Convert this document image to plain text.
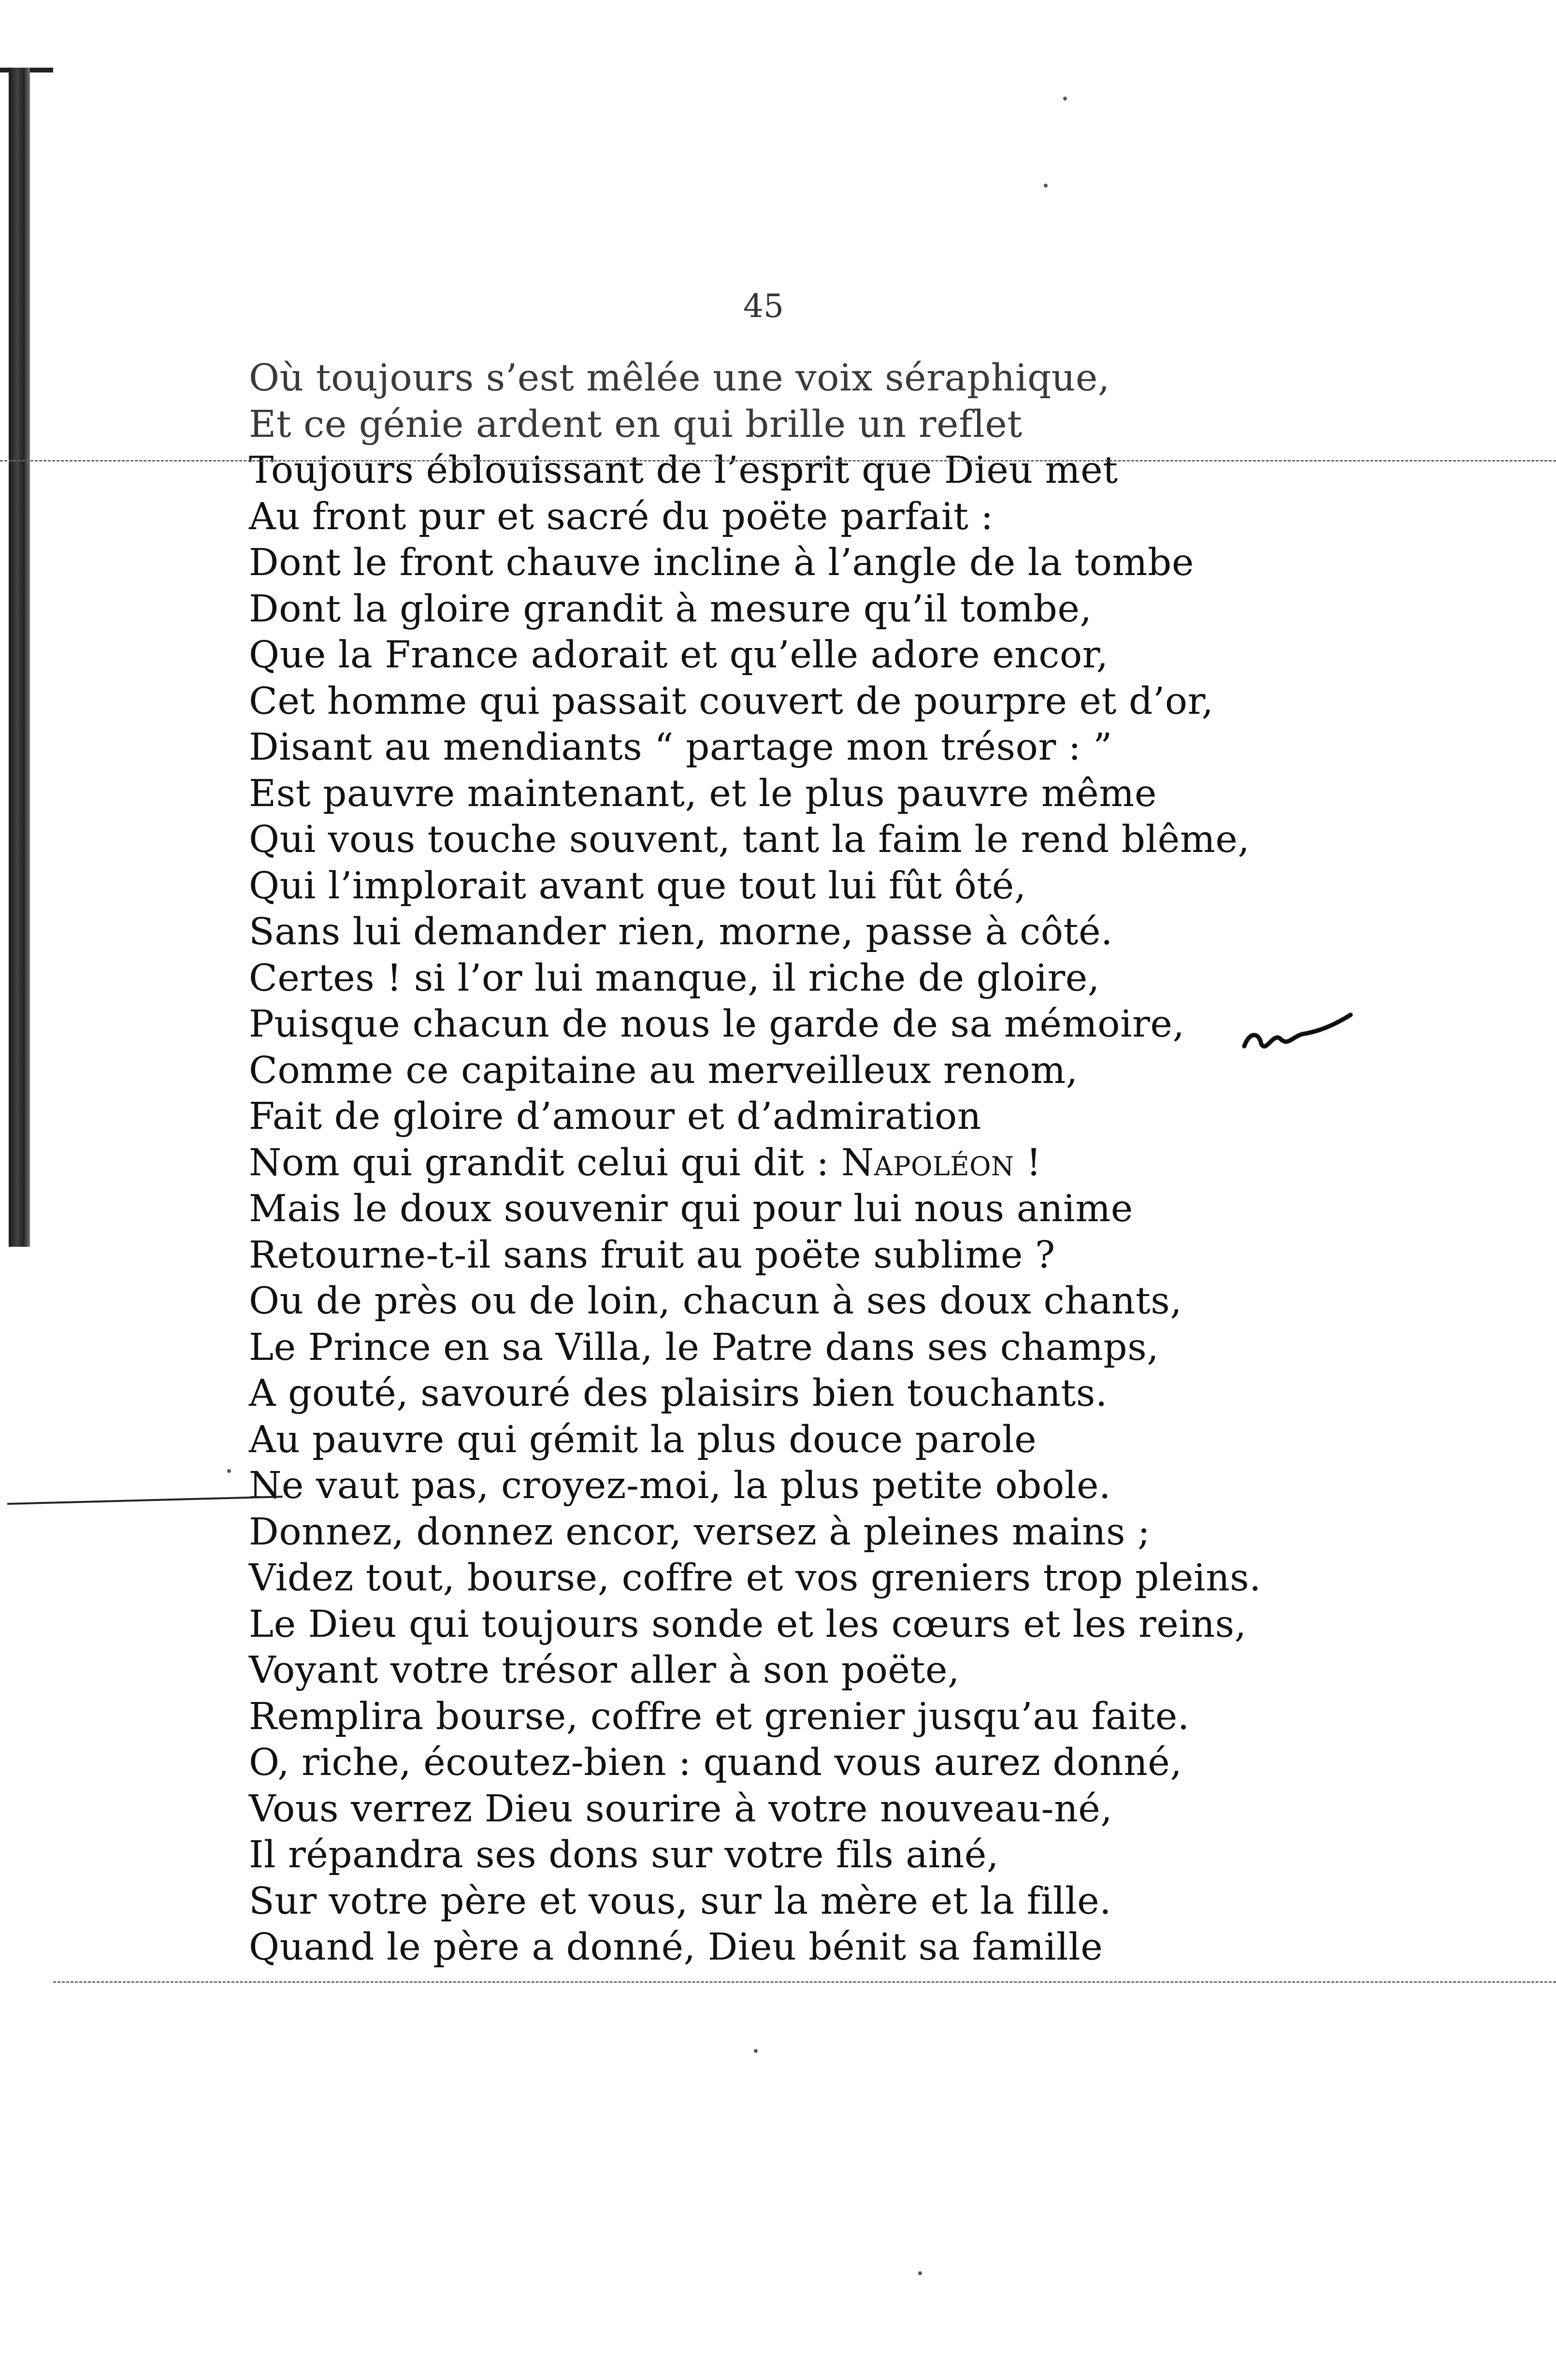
45
Où toujours s’est mêlée une voix séraphique,
Et ce génie ardent en qui brille un reflet
Toujours éblouissant de l’esprit que Dieu met
Au front pur et sacré du poëte parfait :
Dont le front chauve incline à l’angle de la tombe
Dont la gloire grandit à mesure qu’il tombe,
Que la France adorait et qu’elle adore encor,
Cet homme qui passait couvert de pourpre et d’or,
Disant au mendiants “ partage mon trésor : ”
Est pauvre maintenant, et le plus pauvre même
Qui vous touche souvent, tant la faim le rend blême,
Qui l’implorait avant que tout lui fût ôté,
Sans lui demander rien, morne, passe à côté.
Certes ! si l’or lui manque, il riche de gloire,
Puisque chacun de nous le garde de sa mémoire,
Comme ce capitaine au merveilleux renom,
Fait de gloire d’amour et d’admiration
Nom qui grandit celui qui dit : Napoléon !
Mais le doux souvenir qui pour lui nous anime
Retourne-t-il sans fruit au poëte sublime ?
Ou de près ou de loin, chacun à ses doux chants,
Le Prince en sa Villa, le Patre dans ses champs,
A gouté, savouré des plaisirs bien touchants.
Au pauvre qui gémit la plus douce parole
Ne vaut pas, croyez-moi, la plus petite obole.
Donnez, donnez encor, versez à pleines mains ;
Videz tout, bourse, coffre et vos greniers trop pleins.
Le Dieu qui toujours sonde et les cœurs et les reins,
Voyant votre trésor aller à son poëte,
Remplira bourse, coffre et grenier jusqu’au faite.
O, riche, écoutez-bien : quand vous aurez donné,
Vous verrez Dieu sourire à votre nouveau-né,
Il répandra ses dons sur votre fils ainé,
Sur votre père et vous, sur la mère et la fille.
Quand le père a donné, Dieu bénit sa famille
